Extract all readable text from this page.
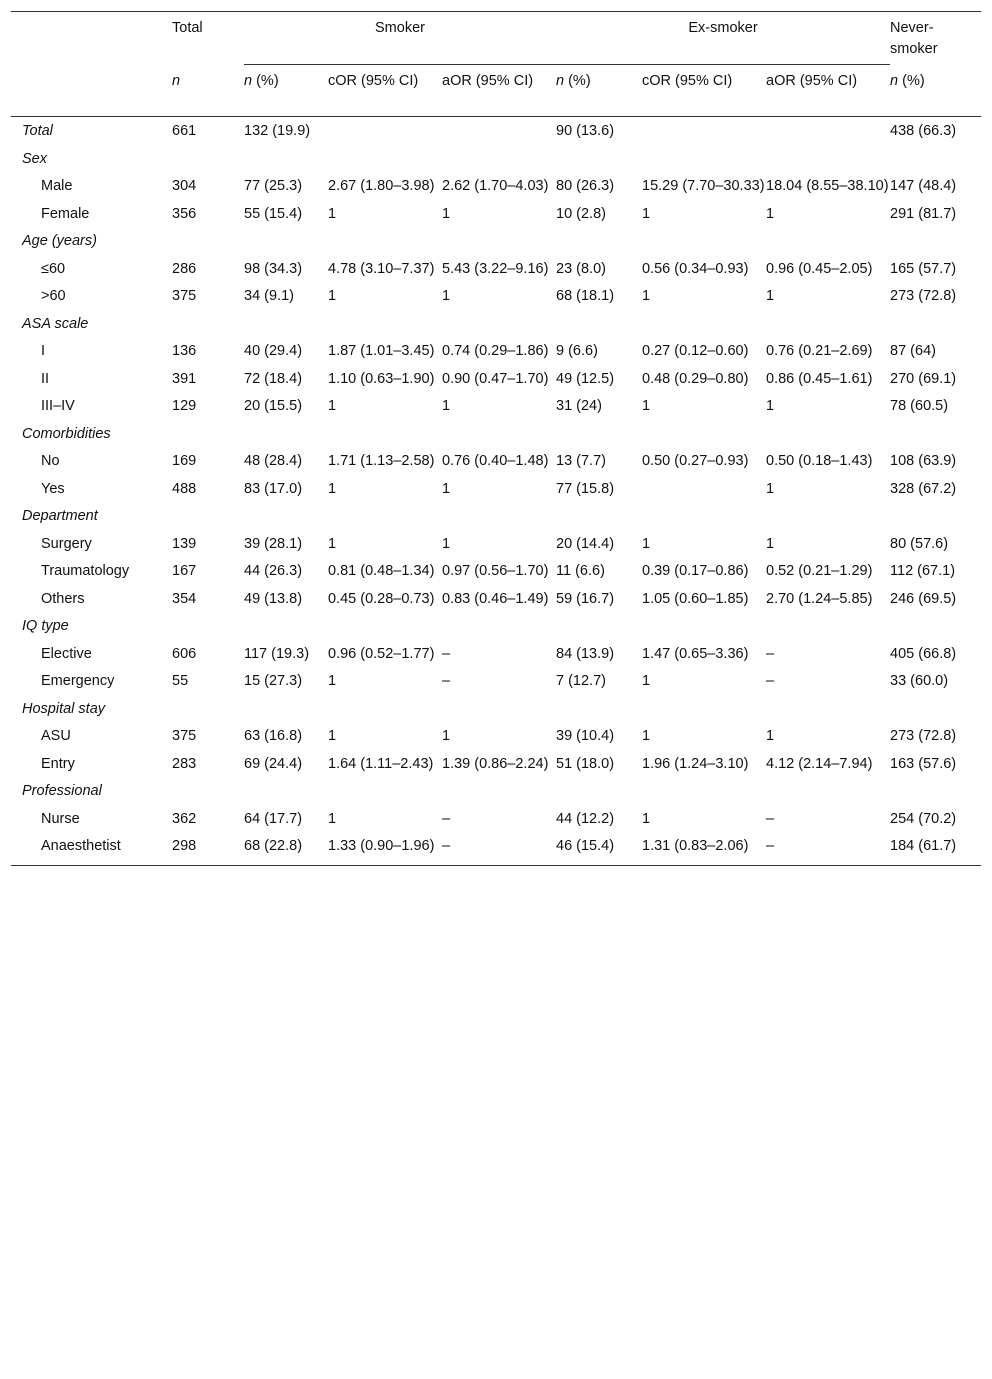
	Total	Smoker			Ex-smoker			Never-smoker
	n	n (%)	cOR (95% CI)	aOR (95% CI)	n (%)	cOR (95% CI)	aOR (95% CI)	n (%)
Total	661	132 (19.9)			90 (13.6)			438 (66.3)
Sex								
Male	304	77 (25.3)	2.67 (1.80–3.98)	2.62 (1.70–4.03)	80 (26.3)	15.29 (7.70–30.33)	18.04 (8.55–38.10)	147 (48.4)
Female	356	55 (15.4)	1	1	10 (2.8)	1	1	291 (81.7)
Age (years)								
≤60	286	98 (34.3)	4.78 (3.10–7.37)	5.43 (3.22–9.16)	23 (8.0)	0.56 (0.34–0.93)	0.96 (0.45–2.05)	165 (57.7)
>60	375	34 (9.1)	1	1	68 (18.1)	1	1	273 (72.8)
ASA scale								
I	136	40 (29.4)	1.87 (1.01–3.45)	0.74 (0.29–1.86)	9 (6.6)	0.27 (0.12–0.60)	0.76 (0.21–2.69)	87 (64)
II	391	72 (18.4)	1.10 (0.63–1.90)	0.90 (0.47–1.70)	49 (12.5)	0.48 (0.29–0.80)	0.86 (0.45–1.61)	270 (69.1)
III–IV	129	20 (15.5)	1	1	31 (24)	1	1	78 (60.5)
Comorbidities								
No	169	48 (28.4)	1.71 (1.13–2.58)	0.76 (0.40–1.48)	13 (7.7)	0.50 (0.27–0.93)	0.50 (0.18–1.43)	108 (63.9)
Yes	488	83 (17.0)	1	1	77 (15.8)		1	328 (67.2)
Department								
Surgery	139	39 (28.1)	1	1	20 (14.4)	1	1	80 (57.6)
Traumatology	167	44 (26.3)	0.81 (0.48–1.34)	0.97 (0.56–1.70)	11 (6.6)	0.39 (0.17–0.86)	0.52 (0.21–1.29)	112 (67.1)
Others	354	49 (13.8)	0.45 (0.28–0.73)	0.83 (0.46–1.49)	59 (16.7)	1.05 (0.60–1.85)	2.70 (1.24–5.85)	246 (69.5)
IQ type								
Elective	606	117 (19.3)	0.96 (0.52–1.77)	–	84 (13.9)	1.47 (0.65–3.36)	–	405 (66.8)
Emergency	55	15 (27.3)	1	–	7 (12.7)	1	–	33 (60.0)
Hospital stay								
ASU	375	63 (16.8)	1	1	39 (10.4)	1	1	273 (72.8)
Entry	283	69 (24.4)	1.64 (1.11–2.43)	1.39 (0.86–2.24)	51 (18.0)	1.96 (1.24–3.10)	4.12 (2.14–7.94)	163 (57.6)
Professional								
Nurse	362	64 (17.7)	1	–	44 (12.2)	1	–	254 (70.2)
Anaesthetist	298	68 (22.8)	1.33 (0.90–1.96)	–	46 (15.4)	1.31 (0.83–2.06)	–	184 (61.7)
